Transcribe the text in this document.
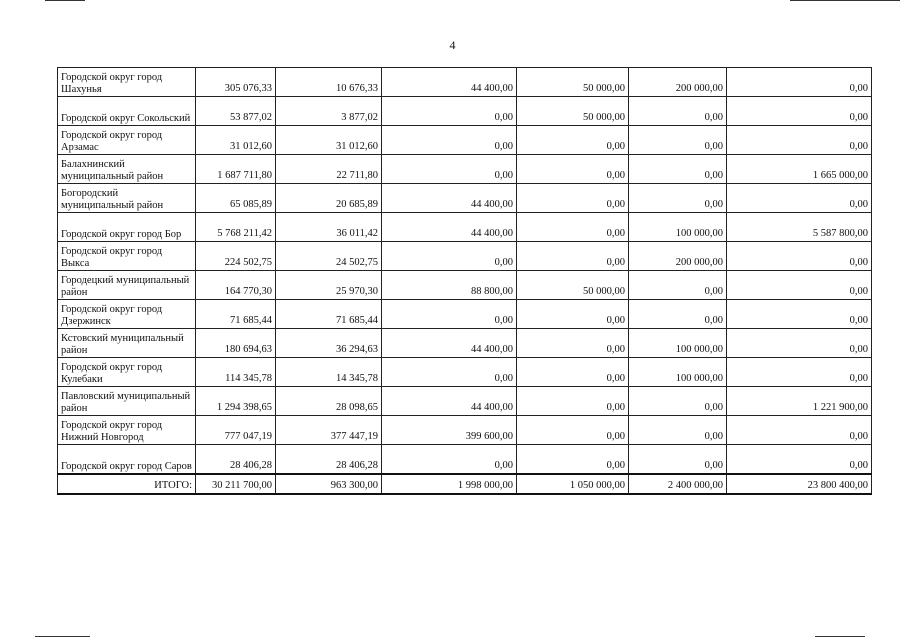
4
Городской округ город Шахунья	305 076,33	10 676,33	44 400,00	50 000,00	200 000,00	0,00
Городской округ Сокольский	53 877,02	3 877,02	0,00	50 000,00	0,00	0,00
Городской округ город Арзамас	31 012,60	31 012,60	0,00	0,00	0,00	0,00
Балахнинский муниципальный район	1 687 711,80	22 711,80	0,00	0,00	0,00	1 665 000,00
Богородский муниципальный район	65 085,89	20 685,89	44 400,00	0,00	0,00	0,00
Городской округ город Бор	5 768 211,42	36 011,42	44 400,00	0,00	100 000,00	5 587 800,00
Городской округ город Выкса	224 502,75	24 502,75	0,00	0,00	200 000,00	0,00
Городецкий муниципальный район	164 770,30	25 970,30	88 800,00	50 000,00	0,00	0,00
Городской округ город Дзержинск	71 685,44	71 685,44	0,00	0,00	0,00	0,00
Кстовский муниципальный район	180 694,63	36 294,63	44 400,00	0,00	100 000,00	0,00
Городской округ город Кулебаки	114 345,78	14 345,78	0,00	0,00	100 000,00	0,00
Павловский муниципальный район	1 294 398,65	28 098,65	44 400,00	0,00	0,00	1 221 900,00
Городской округ город Нижний Новгород	777 047,19	377 447,19	399 600,00	0,00	0,00	0,00
Городской округ город Саров	28 406,28	28 406,28	0,00	0,00	0,00	0,00
ИТОГО:	30 211 700,00	963 300,00	1 998 000,00	1 050 000,00	2 400 000,00	23 800 400,00
